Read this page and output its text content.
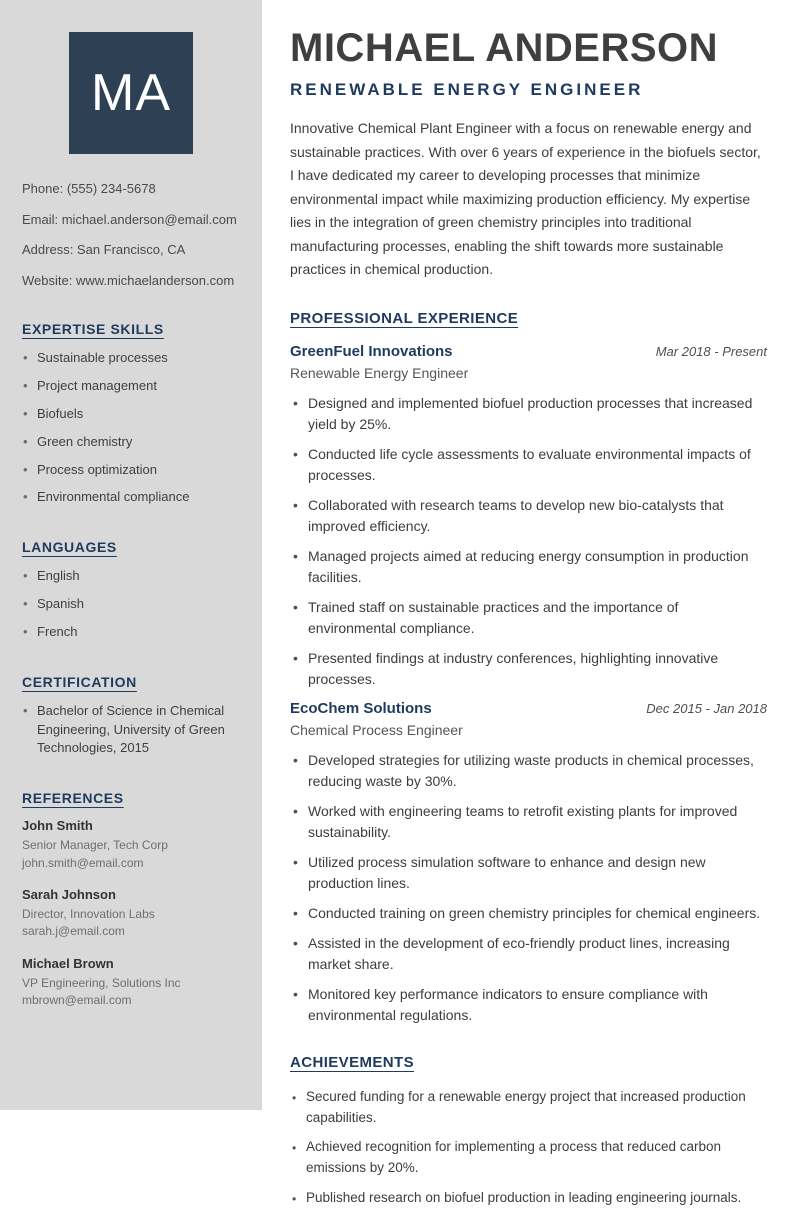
MA
Phone: (555) 234-5678
Email: michael.anderson@email.com
Address: San Francisco, CA
Website: www.michaelanderson.com
EXPERTISE SKILLS
• Sustainable processes
• Project management
• Biofuels
• Green chemistry
• Process optimization
• Environmental compliance
LANGUAGES
• English
• Spanish
• French
CERTIFICATION
• Bachelor of Science in Chemical Engineering, University of Green Technologies, 2015
REFERENCES
John Smith
Senior Manager, Tech Corp
john.smith@email.com
Sarah Johnson
Director, Innovation Labs
sarah.j@email.com
Michael Brown
VP Engineering, Solutions Inc
mbrown@email.com
MICHAEL ANDERSON
RENEWABLE ENERGY ENGINEER

Innovative Chemical Plant Engineer with a focus on renewable energy and sustainable practices. With over 6 years of experience in the biofuels sector, I have dedicated my career to developing processes that minimize environmental impact while maximizing production efficiency. My expertise lies in the integration of green chemistry principles into traditional manufacturing processes, enabling the shift towards more sustainable practices in chemical production.

PROFESSIONAL EXPERIENCE
GreenFuel Innovations	Mar 2018 - Present
Renewable Energy Engineer
• Designed and implemented biofuel production processes that increased yield by 25%.
• Conducted life cycle assessments to evaluate environmental impacts of processes.
• Collaborated with research teams to develop new bio-catalysts that improved efficiency.
• Managed projects aimed at reducing energy consumption in production facilities.
• Trained staff on sustainable practices and the importance of environmental compliance.
• Presented findings at industry conferences, highlighting innovative processes.
EcoChem Solutions	Dec 2015 - Jan 2018
Chemical Process Engineer
• Developed strategies for utilizing waste products in chemical processes, reducing waste by 30%.
• Worked with engineering teams to retrofit existing plants for improved sustainability.
• Utilized process simulation software to enhance and design new production lines.
• Conducted training on green chemistry principles for chemical engineers.
• Assisted in the development of eco-friendly product lines, increasing market share.
• Monitored key performance indicators to ensure compliance with environmental regulations.
ACHIEVEMENTS
• Secured funding for a renewable energy project that increased production capabilities.
• Achieved recognition for implementing a process that reduced carbon emissions by 20%.
• Published research on biofuel production in leading engineering journals.
